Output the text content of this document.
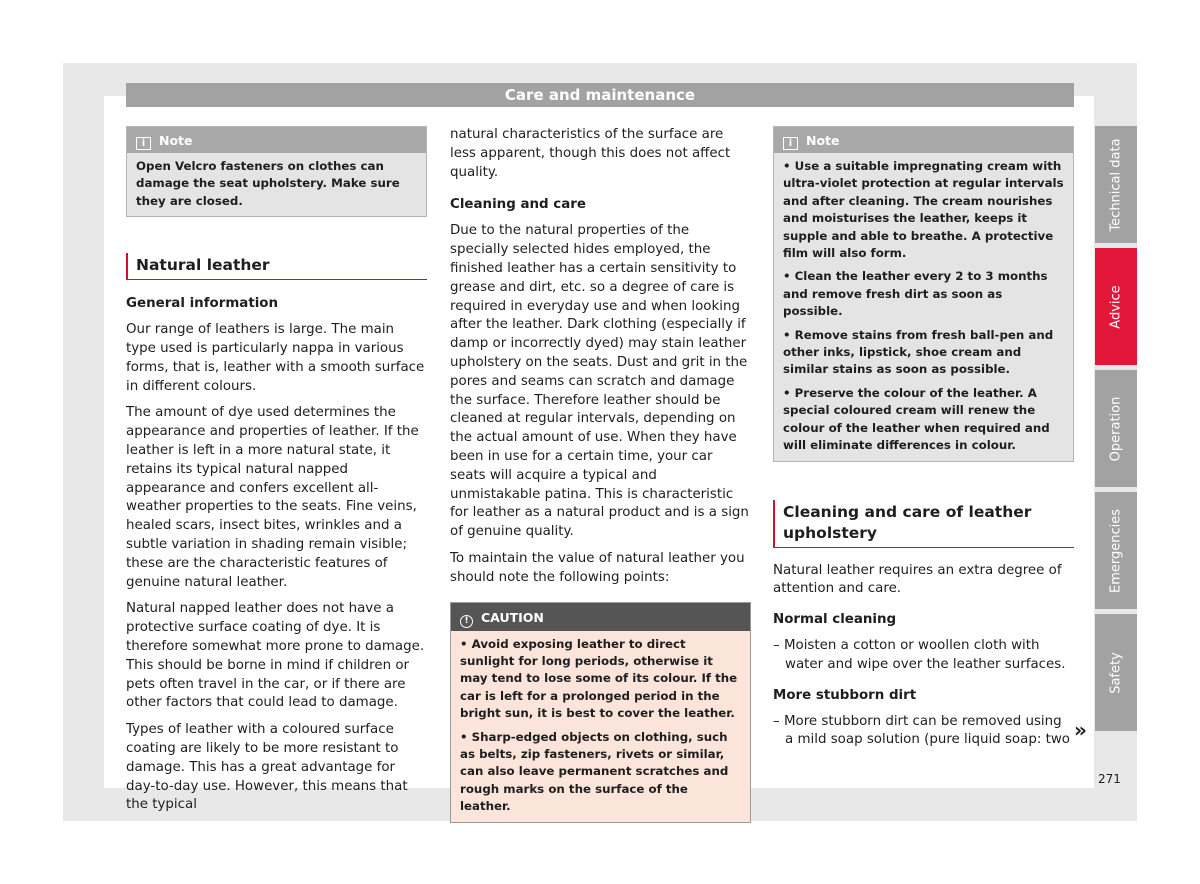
Care and maintenance
i Note

Open Velcro fasteners on clothes can damage the seat upholstery. Make sure they are closed.

Natural leather
General information

Our range of leathers is large. The main type used is particularly nappa in various forms, that is, leather with a smooth surface in different colours.

The amount of dye used determines the appearance and properties of leather. If the leather is left in a more natural state, it retains its typical natural napped appearance and confers excellent all-weather properties to the seats. Fine veins, healed scars, insect bites, wrinkles and a subtle variation in shading remain visible; these are the characteristic features of genuine natural leather.

Natural napped leather does not have a protective surface coating of dye. It is therefore somewhat more prone to damage. This should be borne in mind if children or pets often travel in the car, or if there are other factors that could lead to damage.

Types of leather with a coloured surface coating are likely to be more resistant to damage. This has a great advantage for day-to-day use. However, this means that the typical

natural characteristics of the surface are less apparent, though this does not affect quality.

Cleaning and care

Due to the natural properties of the specially selected hides employed, the finished leather has a certain sensitivity to grease and dirt, etc. so a degree of care is required in everyday use and when looking after the leather. Dark clothing (especially if damp or incorrectly dyed) may stain leather upholstery on the seats. Dust and grit in the pores and seams can scratch and damage the surface. Therefore leather should be cleaned at regular intervals, depending on the actual amount of use. When they have been in use for a certain time, your car seats will acquire a typical and unmistakable patina. This is characteristic for leather as a natural product and is a sign of genuine quality.

To maintain the value of natural leather you should note the following points:

! CAUTION

• Avoid exposing leather to direct sunlight for long periods, otherwise it may tend to lose some of its colour. If the car is left for a prolonged period in the bright sun, it is best to cover the leather.

• Sharp-edged objects on clothing, such as belts, zip fasteners, rivets or similar, can also leave permanent scratches and rough marks on the surface of the leather.

i Note

• Use a suitable impregnating cream with ultra-violet protection at regular intervals and after cleaning. The cream nourishes and moisturises the leather, keeps it supple and able to breathe. A protective film will also form.

• Clean the leather every 2 to 3 months and remove fresh dirt as soon as possible.

• Remove stains from fresh ball-pen and other inks, lipstick, shoe cream and similar stains as soon as possible.

• Preserve the colour of the leather. A special coloured cream will renew the colour of the leather when required and will eliminate differences in colour.

Cleaning and care of leather upholstery

Natural leather requires an extra degree of attention and care.

Normal cleaning

– Moisten a cotton or woollen cloth with water and wipe over the leather surfaces.

More stubborn dirt

– More stubborn dirt can be removed using a mild soap solution (pure liquid soap: two »
Technical data
Advice
Operation
Emergencies
Safety
271
